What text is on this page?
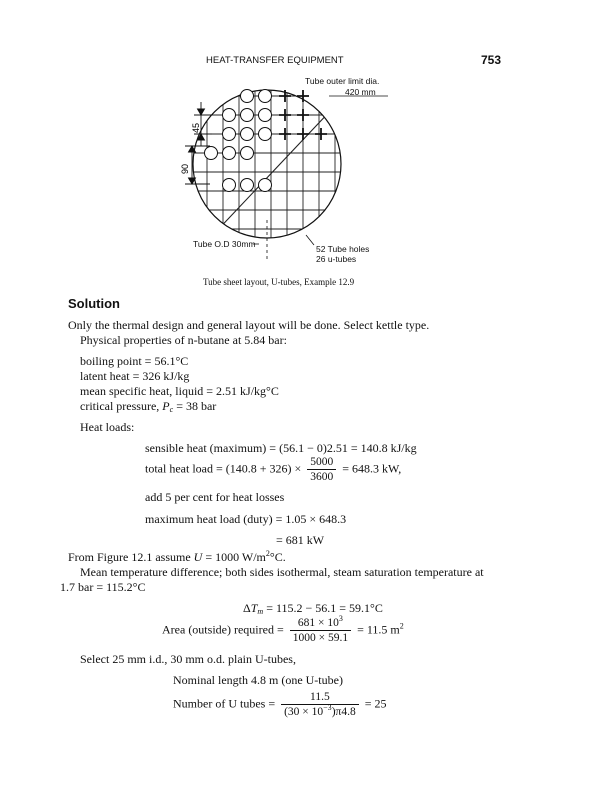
HEAT-TRANSFER EQUIPMENT	753
45
90
Tube outer limit dia.
420 mm
Tube O.D 30mm	52 Tube holes
26 u-tubes
Tube sheet layout, U-tubes, Example 12.9
Solution
Only the thermal design and general layout will be done. Select kettle type.
Physical properties of n-butane at 5.84 bar:
boiling point = 56.1°C
latent heat = 326 kJ/kg
mean specific heat, liquid = 2.51 kJ/kg°C
critical pressure, $P_c = 38$ bar
Heat loads:
sensible heat (maximum) = (56.1 − 0)2.51 = 140.8 kJ/kg
total heat load = $(140.8 + 326) \times \frac{5000}{3600} = 648.3$ kW,
add 5 per cent for heat losses
maximum heat load (duty) = 1.05 × 648.3
= 681 kW
From Figure 12.1 assume U = 1000 $W/m^2^\circ C$.
Mean temperature difference; both sides isothermal, steam saturation temperature at
1.7 bar = 115.2°C
$\Delta T_m = 115.2 - 56.1 = 59.1^\circ C$
Area (outside) required = $\frac{681 \times 10^3}{1000 \times 59.1} = 11.5$ $m^2$
Select 25 mm i.d., 30 mm o.d. plain U-tubes,
Nominal length 4.8 m (one U-tube)
Number of U tubes = $\frac{11.5}{(30 \times 10^{-3})\pi 4.8} = 25$
